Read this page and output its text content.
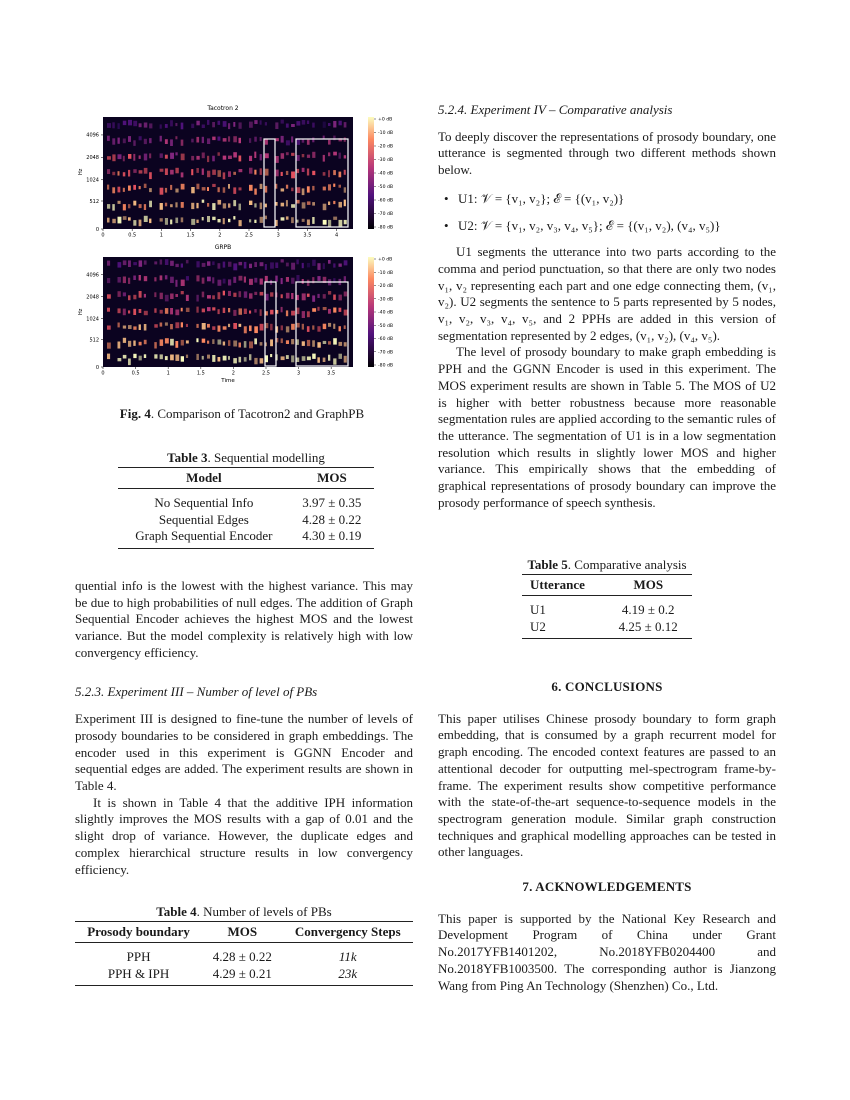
Tacotron 2
Hz
4096
2048
1024
512
0
0	0.5	1	1.5	2	2.5	3	3.5	4
+0 dB
-10 dB
-20 dB
-30 dB
-40 dB
-50 dB
-60 dB
-70 dB
-80 dB
GRPB
Hz
4096
2048
1024
512
0
0	0.5	1	1.5	2	2.5	3	3.5
Time
+0 dB
-10 dB
-20 dB
-30 dB
-40 dB
-50 dB
-60 dB
-70 dB
-80 dB
Fig. 4. Comparison of Tacotron2 and GraphPB
Table 3. Sequential modelling
Model	MOS
No Sequential Info	3.97 ± 0.35
Sequential Edges	4.28 ± 0.22
Graph Sequential Encoder	4.30 ± 0.19

quential info is the lowest with the highest variance. This may be due to high probabilities of null edges. The addition of Graph Sequential Encoder achieves the highest MOS and the lowest variance. But the model complexity is relatively high with low convergency efficiency.

5.2.3. Experiment III – Number of level of PBs

Experiment III is designed to fine-tune the number of levels of prosody boundaries to be considered in graph embeddings. The encoder used in this experiment is GGNN Encoder and sequential edges are added. The experiment results are shown in Table 4.

It is shown in Table 4 that the additive IPH information slightly improves the MOS results with a gap of 0.01 and the slight drop of variance. However, the duplicate edges and complex hierarchical structure results in low convergency efficiency.

Table 4. Number of levels of PBs
Prosody boundary	MOS	Convergency Steps
PPH	4.28 ± 0.22	11k
PPH & IPH	4.29 ± 0.21	23k
5.2.4. Experiment IV – Comparative analysis

To deeply discover the representations of prosody boundary, one utterance is segmented through two different methods shown below.

• U1: 𝒱 = {v₁, v₂}; ℰ = {(v₁, v₂)}
• U2: 𝒱 = {v₁, v₂, v₃, v₄, v₅}; ℰ = {(v₁, v₂), (v₄, v₅)}

U1 segments the utterance into two parts according to the comma and period punctuation, so that there are only two nodes v₁, v₂ representing each part and one edge connecting them, (v₁, v₂). U2 segments the sentence to 5 parts represented by 5 nodes, v₁, v₂, v₃, v₄, v₅, and 2 PPHs are added in this version of segmentation represented by 2 edges, (v₁, v₂), (v₄, v₅).

The level of prosody boundary to make graph embedding is PPH and the GGNN Encoder is used in this experiment. The MOS experiment results are shown in Table 5. The MOS of U2 is higher with better robustness because more reasonable segmentation rules are applied according to the semantic rules of the utterance. The segmentation of U1 is in a low segmentation resolution which results in slightly lower MOS and higher variance. This empirically shows that the embedding of graphical representations of prosody boundary can improve the prosody performance of speech synthesis.

Table 5. Comparative analysis
Utterance	MOS
U1	4.19 ± 0.2
U2	4.25 ± 0.12
6. CONCLUSIONS

This paper utilises Chinese prosody boundary to form graph embedding, that is consumed by a graph recurrent model for graph encoding. The encoded context features are passed to an attentional decoder for outputting mel-spectrogram frame-by-frame. The experiment results show competitive performance with the state-of-the-art sequence-to-sequence models in the spectrogram generation module. Similar graph construction techniques and graphical modelling approaches can be tested in other languages.

7. ACKNOWLEDGEMENTS

This paper is supported by the National Key Research and Development Program of China under Grant No.2017YFB1401202, No.2018YFB0204400 and No.2018YFB1003500. The corresponding author is Jianzong Wang from Ping An Technology (Shenzhen) Co., Ltd.
